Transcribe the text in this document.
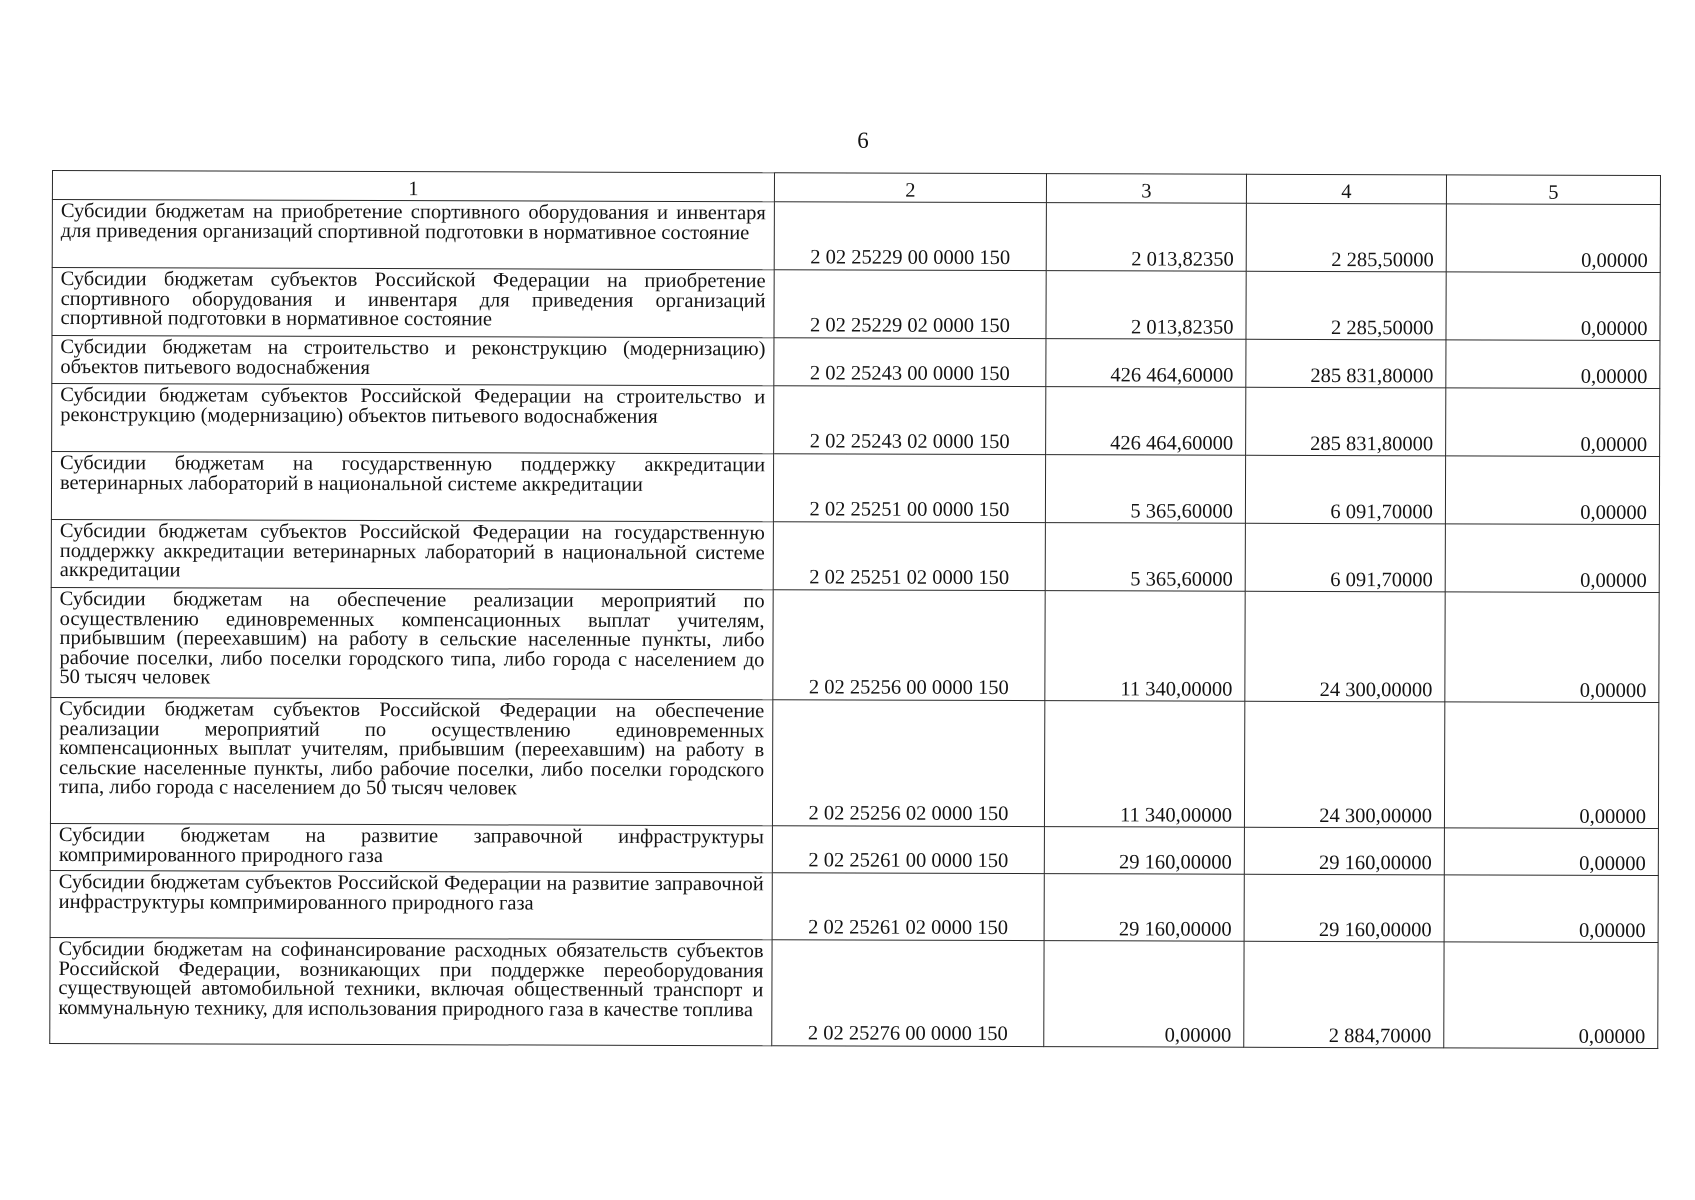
6
1	2	3	4	5
Субсидии бюджетам на приобретение спортивного оборудования и инвентаря для приведения организаций спортивной подготовки в нормативное состояние	2 02 25229 00 0000 150	2 013,82350	2 285,50000	0,00000
Субсидии бюджетам субъектов Российской Федерации на приобретение спортивного оборудования и инвентаря для приведения организаций спортивной подготовки в нормативное состояние	2 02 25229 02 0000 150	2 013,82350	2 285,50000	0,00000
Субсидии бюджетам на строительство и реконструкцию (модернизацию) объектов питьевого водоснабжения	2 02 25243 00 0000 150	426 464,60000	285 831,80000	0,00000
Субсидии бюджетам субъектов Российской Федерации на строительство и реконструкцию (модернизацию) объектов питьевого водоснабжения	2 02 25243 02 0000 150	426 464,60000	285 831,80000	0,00000
Субсидии бюджетам на государственную поддержку аккредитации ветеринарных лабораторий в национальной системе аккредитации	2 02 25251 00 0000 150	5 365,60000	6 091,70000	0,00000
Субсидии бюджетам субъектов Российской Федерации на государственную поддержку аккредитации ветеринарных лабораторий в национальной системе аккредитации	2 02 25251 02 0000 150	5 365,60000	6 091,70000	0,00000
Субсидии бюджетам на обеспечение реализации мероприятий по осуществлению единовременных компенсационных выплат учителям, прибывшим (переехавшим) на работу в сельские населенные пункты, либо рабочие поселки, либо поселки городского типа, либо города с населением до 50 тысяч человек	2 02 25256 00 0000 150	11 340,00000	24 300,00000	0,00000
Субсидии бюджетам субъектов Российской Федерации на обеспечение реализации мероприятий по осуществлению единовременных компенсационных выплат учителям, прибывшим (переехавшим) на работу в сельские населенные пункты, либо рабочие поселки, либо поселки городского типа, либо города с населением до 50 тысяч человек	2 02 25256 02 0000 150	11 340,00000	24 300,00000	0,00000
Субсидии бюджетам на развитие заправочной инфраструктуры компримированного природного газа	2 02 25261 00 0000 150	29 160,00000	29 160,00000	0,00000
Субсидии бюджетам субъектов Российской Федерации на развитие заправочной инфраструктуры компримированного природного газа	2 02 25261 02 0000 150	29 160,00000	29 160,00000	0,00000
Субсидии бюджетам на софинансирование расходных обязательств субъектов Российской Федерации, возникающих при поддержке переоборудования существующей автомобильной техники, включая общественный транспорт и коммунальную технику, для использования природного газа в качестве топлива	2 02 25276 00 0000 150	0,00000	2 884,70000	0,00000
